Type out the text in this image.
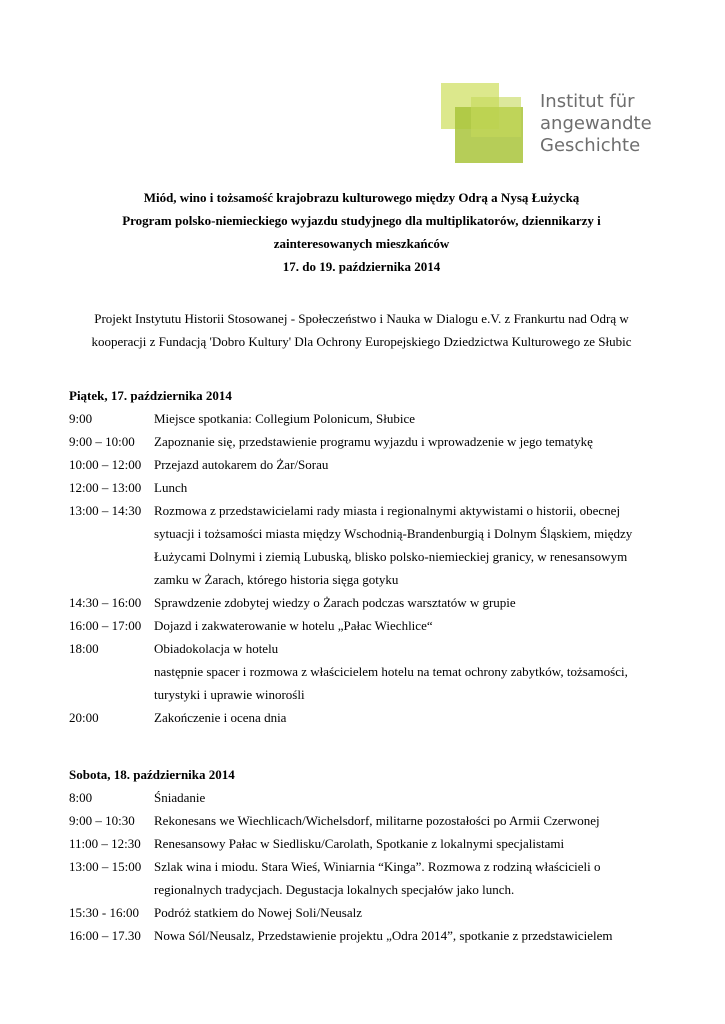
Institut für
angewandte
Geschichte
Miód, wino i tożsamość krajobrazu kulturowego między Odrą a Nysą Łużycką
Program polsko-niemieckiego wyjazdu studyjnego dla multiplikatorów, dziennikarzy i
zainteresowanych mieszkańców
17. do 19. października 2014
Projekt Instytutu Historii Stosowanej - Społeczeństwo i Nauka w Dialogu e.V. z Frankurtu nad Odrą w
kooperacji z Fundacją 'Dobro Kultury' Dla Ochrony Europejskiego Dziedzictwa Kulturowego ze Słubic
Piątek, 17. października 2014
9:00	Miejsce spotkania: Collegium Polonicum, Słubice
9:00 – 10:00	Zapoznanie się, przedstawienie programu wyjazdu i wprowadzenie w jego tematykę
10:00 – 12:00 Przejazd autokarem do Żar/Sorau
12:00 – 13:00 Lunch
13:00 – 14:30 Rozmowa z przedstawicielami rady miasta i regionalnymi aktywistami o historii, obecnej
sytuacji i tożsamości miasta między Wschodnią-Brandenburgią i Dolnym Śląskiem, między
Łużycami Dolnymi i ziemią Lubuską, blisko polsko-niemieckiej granicy, w renesansowym
zamku w Żarach, którego historia sięga gotyku
14:30 – 16:00 Sprawdzenie zdobytej wiedzy o Żarach podczas warsztatów w grupie
16:00 – 17:00 Dojazd i zakwaterowanie w hotelu „Pałac Wiechlice“
18:00	Obiadokolacja w hotelu
następnie spacer i rozmowa z właścicielem hotelu na temat ochrony zabytków, tożsamości,
turystyki i uprawie winorośli
20:00	Zakończenie i ocena dnia
Sobota, 18. października 2014
8:00	Śniadanie
9:00 – 10:30	Rekonesans we Wiechlicach/Wichelsdorf, militarne pozostałości po Armii Czerwonej
11:00 – 12:30	Renesansowy Pałac w Siedlisku/Carolath, Spotkanie z lokalnymi specjalistami
13:00 – 15:00 Szlak wina i miodu. Stara Wieś, Winiarnia “Kinga”. Rozmowa z rodziną właścicieli o
regionalnych tradycjach. Degustacja lokalnych specjałów jako lunch.
15:30 - 16:00	Podróż statkiem do Nowej Soli/Neusalz
16:00 – 17.30	Nowa Sól/Neusalz, Przedstawienie projektu „Odra 2014”, spotkanie z przedstawicielem
